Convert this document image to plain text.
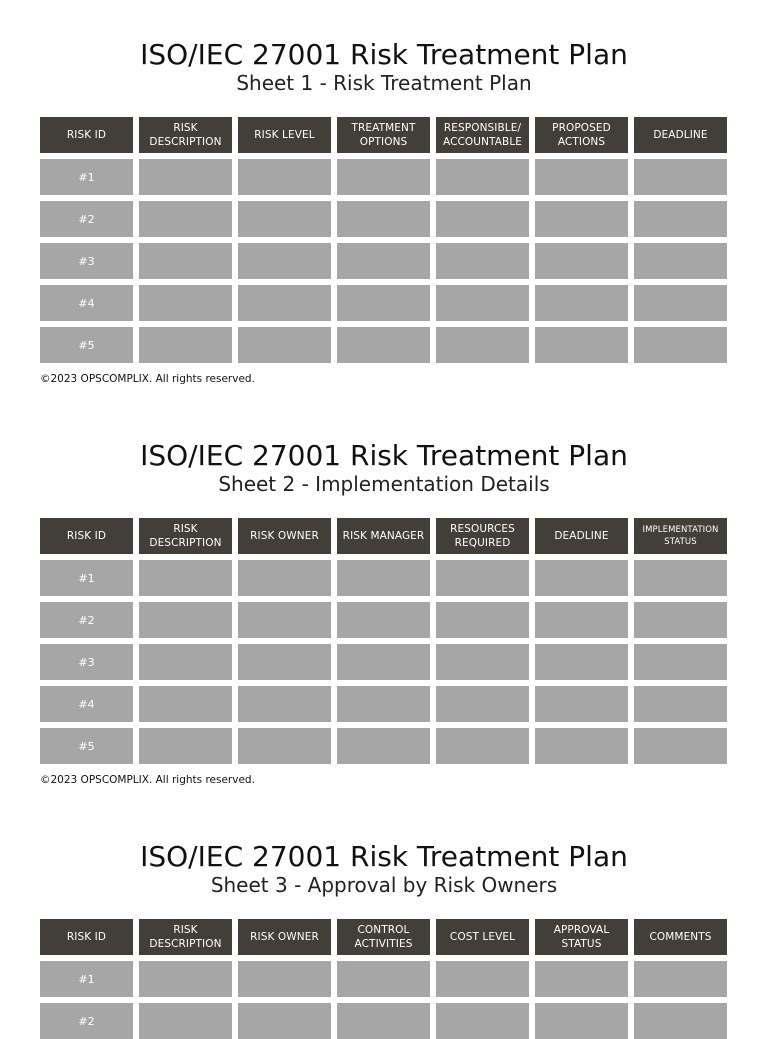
ISO/IEC 27001 Risk Treatment Plan
Sheet 1 - Risk Treatment Plan
RISK ID
RISK
DESCRIPTION
RISK LEVEL
TREATMENT
OPTIONS
RESPONSIBLE/
ACCOUNTABLE
PROPOSED
ACTIONS
DEADLINE
#1
#2
#3
#4
#5
©2023 OPSCOMPLIX. All rights reserved.
ISO/IEC 27001 Risk Treatment Plan
Sheet 2 - Implementation Details
RISK ID
RISK
DESCRIPTION
RISK OWNER	RISK MANAGER
RESOURCES
REQUIRED
DEADLINE	IMPLEMENTATION
STATUS
#1
#2
#3
#4
#5
©2023 OPSCOMPLIX. All rights reserved.
ISO/IEC 27001 Risk Treatment Plan
Sheet 3 - Approval by Risk Owners
RISK ID
RISK
DESCRIPTION
RISK OWNER
CONTROL
ACTIVITIES
COST LEVEL
APPROVAL
STATUS
COMMENTS
#1
#2
